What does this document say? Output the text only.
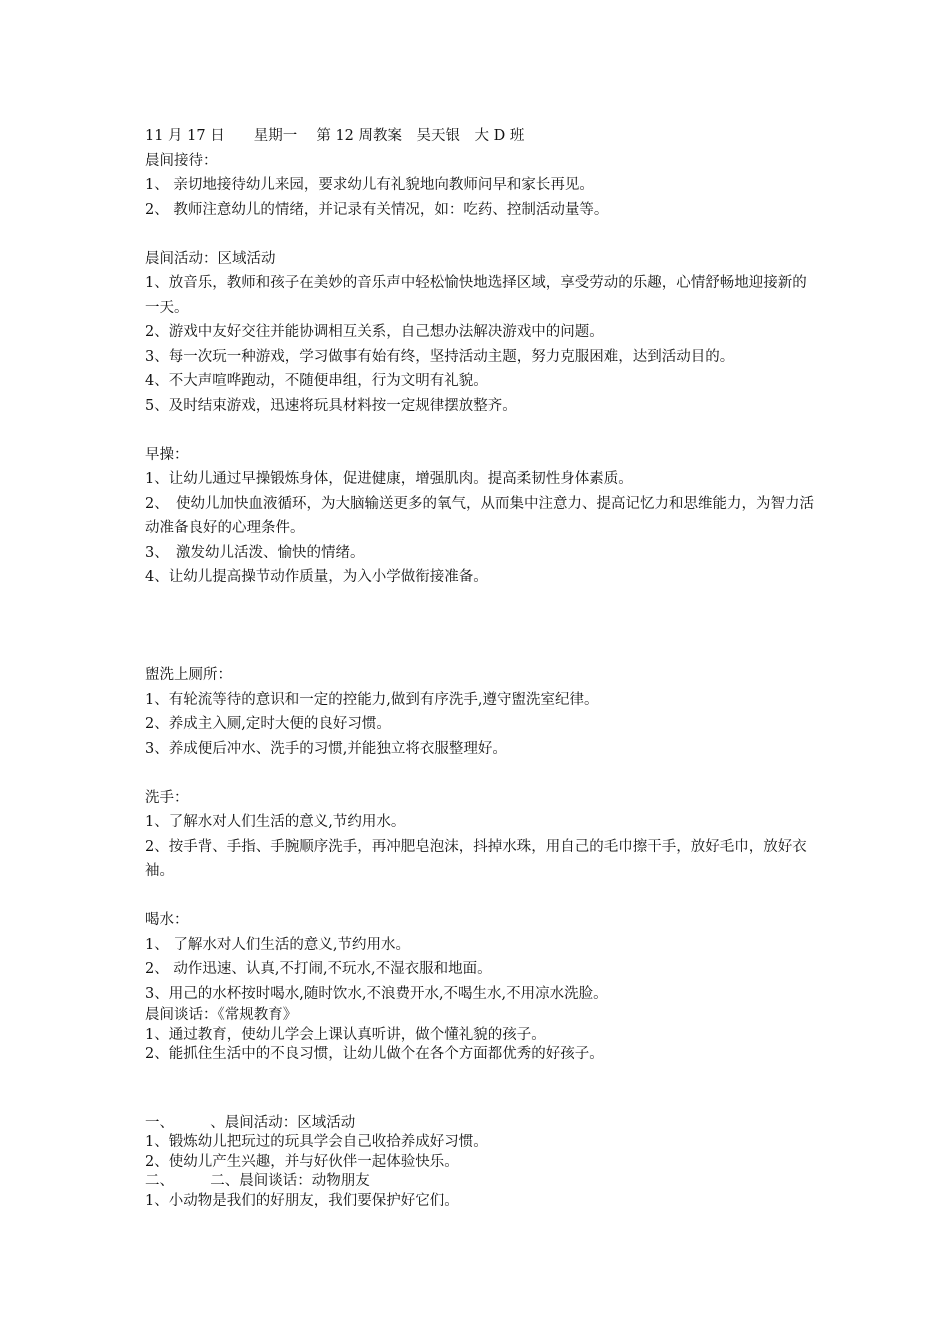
11 月 17 日　　星期一　 第 12 周教案　吴天银　大 D 班
晨间接待：
1、 亲切地接待幼儿来园，要求幼儿有礼貌地向教师问早和家长再见。
2、 教师注意幼儿的情绪，并记录有关情况，如：吃药、控制活动量等。
晨间活动：区域活动
1、放音乐，教师和孩子在美妙的音乐声中轻松愉快地选择区域，享受劳动的乐趣，心情舒畅地迎接新的一天。
2、游戏中友好交往并能协调相互关系，自己想办法解决游戏中的问题。
3、每一次玩一种游戏，学习做事有始有终，坚持活动主题，努力克服困难，达到活动目的。
4、不大声喧哗跑动，不随便串组，行为文明有礼貌。
5、及时结束游戏，迅速将玩具材料按一定规律摆放整齐。
早操：
1、让幼儿通过早操锻炼身体，促进健康，增强肌肉。提高柔韧性身体素质。
2、　使幼儿加快血液循环，为大脑输送更多的氧气，从而集中注意力、提高记忆力和思维能力，为智力活动准备良好的心理条件。
3、　激发幼儿活泼、愉快的情绪。
4、让幼儿提高操节动作质量，为入小学做衔接准备。
盥洗上厕所：
1、有轮流等待的意识和一定的控能力,做到有序洗手,遵守盥洗室纪律。
2、养成主入厕,定时大便的良好习惯。
3、养成便后冲水、洗手的习惯,并能独立将衣服整理好。
洗手：
1、了解水对人们生活的意义,节约用水。
2、按手背、手指、手腕顺序洗手，再冲肥皂泡沫，抖掉水珠，用自己的毛巾擦干手，放好毛巾，放好衣袖。
喝水：
1、 了解水对人们生活的意义,节约用水。
2、 动作迅速、认真,不打闹,不玩水,不湿衣服和地面。
3、用己的水杯按时喝水,随时饮水,不浪费开水,不喝生水,不用凉水洗脸。
晨间谈话：《常规教育》
1、通过教育，使幼儿学会上课认真听讲，做个懂礼貌的孩子。
2、能抓住生活中的不良习惯，让幼儿做个在各个方面都优秀的好孩子。
一、　　　、晨间活动：区域活动
1、锻炼幼儿把玩过的玩具学会自己收拾养成好习惯。
2、使幼儿产生兴趣，并与好伙伴一起体验快乐。
二、　　　二、晨间谈话：动物朋友
1、小动物是我们的好朋友，我们要保护好它们。
